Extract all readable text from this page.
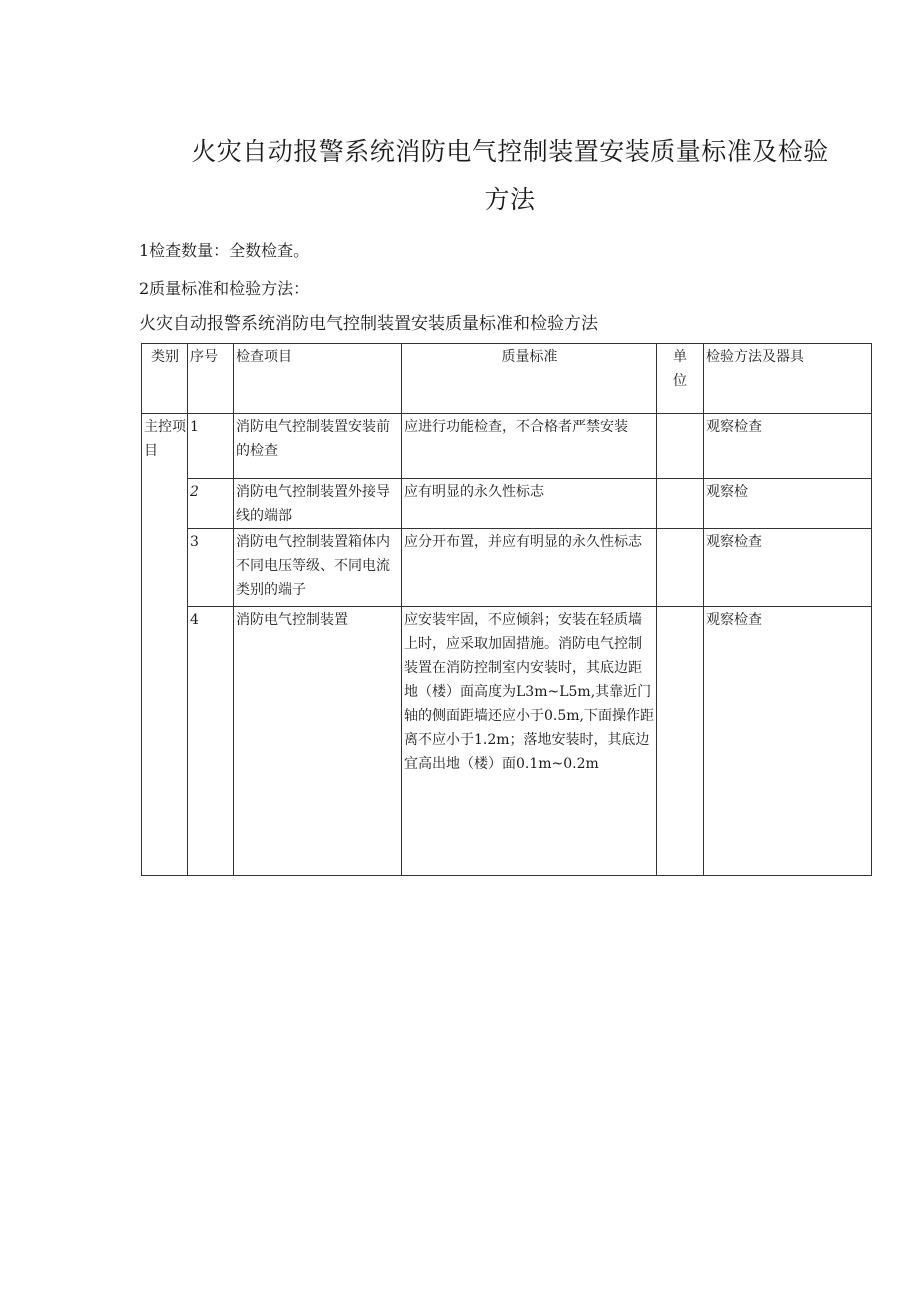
火灾自动报警系统消防电气控制装置安装质量标准及检验

方法

1检查数量：全数检查。

2质量标准和检验方法：

火灾自动报警系统消防电气控制装置安装质量标准和检验方法

类别	序号	检查项目	质量标准	单位	检验方法及器具
主控项目	1	消防电气控制装置安装前的检查	应进行功能检查，不合格者严禁安装		观察检查
	2	消防电气控制装置外接导线的端部	应有明显的永久性标志		观察检
	3	消防电气控制装置箱体内不同电压等级、不同电流类别的端子	应分开布置，并应有明显的永久性标志		观察检查
	4	消防电气控制装置	应安装牢固，不应倾斜；安装在轻质墙上时，应采取加固措施。消防电气控制装置在消防控制室内安装时，其底边距地（楼）面高度为L3m~L5m,其靠近门轴的侧面距墙还应小于0.5m,下面操作距离不应小于1.2m；落地安装时，其底边宜高出地（楼）面0.1m~0.2m		观察检查
